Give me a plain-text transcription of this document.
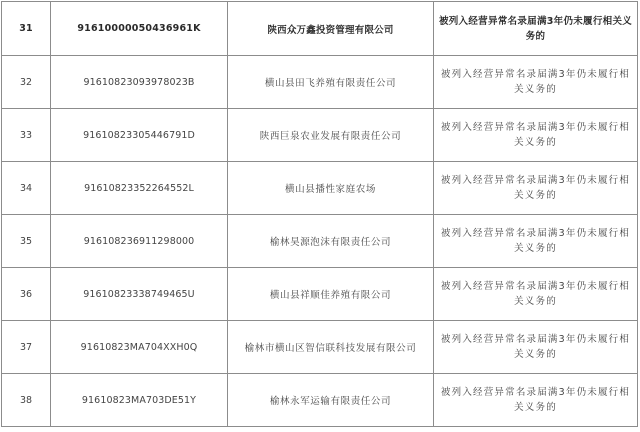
31	91610000050436961K	陕西众万鑫投资管理有限公司	被列入经营异常名录届满3年仍未履行相关义务的
32	91610823093978023B	横山县田飞养殖有限责任公司	被列入经营异常名录届满3年仍未履行相关义务的
33	91610823305446791D	陕西巨泉农业发展有限责任公司	被列入经营异常名录届满3年仍未履行相关义务的
34	91610823352264552L	横山县播性家庭农场	被列入经营异常名录届满3年仍未履行相关义务的
35	916108236911298000	榆林昊源泡沫有限责任公司	被列入经营异常名录届满3年仍未履行相关义务的
36	91610823338749465U	横山县祥顺佳养殖有限公司	被列入经营异常名录届满3年仍未履行相关义务的
37	91610823MA704XXH0Q	榆林市横山区智信联科技发展有限公司	被列入经营异常名录届满3年仍未履行相关义务的
38	91610823MA703DE51Y	榆林永军运输有限责任公司	被列入经营异常名录届满3年仍未履行相关义务的
